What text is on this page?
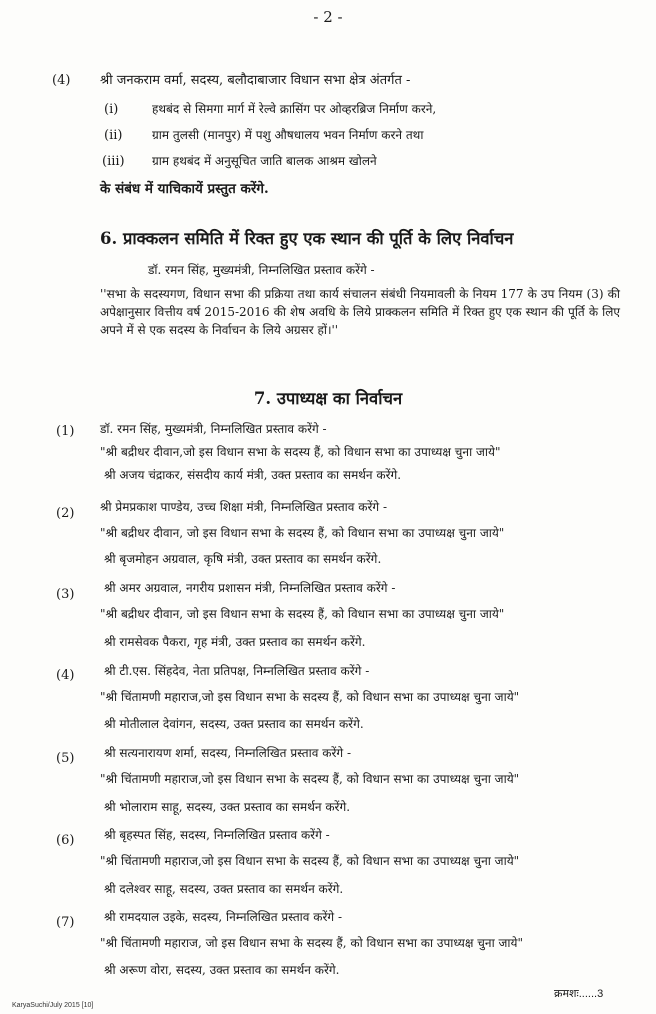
- 2 -
(4) श्री जनकराम वर्मा, सदस्य, बलौदाबाजार विधान सभा क्षेत्र अंतर्गत -
(i)	हथबंद से सिमगा मार्ग में रेल्वे क्रासिंग पर ओव्हरब्रिज निर्माण करने,
(ii) ग्राम तुलसी (मानपुर) में पशु औषधालय भवन निर्माण करने तथा
(iii) ग्राम हथबंद में अनुसूचित जाति बालक आश्रम खोलने
के संबंध में याचिकायें प्रस्तुत करेंगे.
6. प्राक्कलन समिति में रिक्त हुए एक स्थान की पूर्ति के लिए निर्वाचन
डॉ. रमन सिंह, मुख्यमंत्री, निम्नलिखित प्रस्ताव करेंगे -
''सभा के सदस्यगण, विधान सभा की प्रक्रिया तथा कार्य संचालन संबंधी नियमावली के नियम 177 के उप नियम (3) की अपेक्षानुसार वित्तीय वर्ष 2015-2016 की शेष अवधि के लिये प्राक्कलन समिति में रिक्त हुए एक स्थान की पूर्ति के लिए अपने में से एक सदस्य के निर्वाचन के लिये अग्रसर हों।''
7. उपाध्यक्ष का निर्वाचन
(1) डॉ. रमन सिंह, मुख्यमंत्री, निम्नलिखित प्रस्ताव करेंगे -
"श्री बद्रीधर दीवान,जो इस विधान सभा के सदस्य हैं, को विधान सभा का उपाध्यक्ष चुना जाये"
श्री अजय चंद्राकर, संसदीय कार्य मंत्री, उक्त प्रस्ताव का समर्थन करेंगे.
(2) श्री प्रेमप्रकाश पाण्डेय, उच्च शिक्षा मंत्री, निम्नलिखित प्रस्ताव करेंगे -
"श्री बद्रीधर दीवान, जो इस विधान सभा के सदस्य हैं, को विधान सभा का उपाध्यक्ष चुना जाये"
श्री बृजमोहन अग्रवाल, कृषि मंत्री, उक्त प्रस्ताव का समर्थन करेंगे.
(3) श्री अमर अग्रवाल, नगरीय प्रशासन मंत्री, निम्नलिखित प्रस्ताव करेंगे -
"श्री बद्रीधर दीवान, जो इस विधान सभा के सदस्य हैं, को विधान सभा का उपाध्यक्ष चुना जाये"
श्री रामसेवक पैकरा, गृह मंत्री, उक्त प्रस्ताव का समर्थन करेंगे.
(4) श्री टी.एस. सिंहदेव, नेता प्रतिपक्ष, निम्नलिखित प्रस्ताव करेंगे -
"श्री चिंतामणी महाराज,जो इस विधान सभा के सदस्य हैं, को विधान सभा का उपाध्यक्ष चुना जाये"
श्री मोतीलाल देवांगन, सदस्य, उक्त प्रस्ताव का समर्थन करेंगे.
(5) श्री सत्यनारायण शर्मा, सदस्य, निम्नलिखित प्रस्ताव करेंगे -
"श्री चिंतामणी महाराज,जो इस विधान सभा के सदस्य हैं, को विधान सभा का उपाध्यक्ष चुना जाये"
श्री भोलाराम साहू, सदस्य, उक्त प्रस्ताव का समर्थन करेंगे.
(6) श्री बृहस्पत सिंह, सदस्य, निम्नलिखित प्रस्ताव करेंगे -
"श्री चिंतामणी महाराज,जो इस विधान सभा के सदस्य हैं, को विधान सभा का उपाध्यक्ष चुना जाये"
श्री दलेश्वर साहू, सदस्य, उक्त प्रस्ताव का समर्थन करेंगे.
(7) श्री रामदयाल उइके, सदस्य, निम्नलिखित प्रस्ताव करेंगे -
"श्री चिंतामणी महाराज, जो इस विधान सभा के सदस्य हैं, को विधान सभा का उपाध्यक्ष चुना जाये"
श्री अरूण वोरा, सदस्य, उक्त प्रस्ताव का समर्थन करेंगे.
क्रमशः......3
KaryaSuchi/July 2015 [10]
